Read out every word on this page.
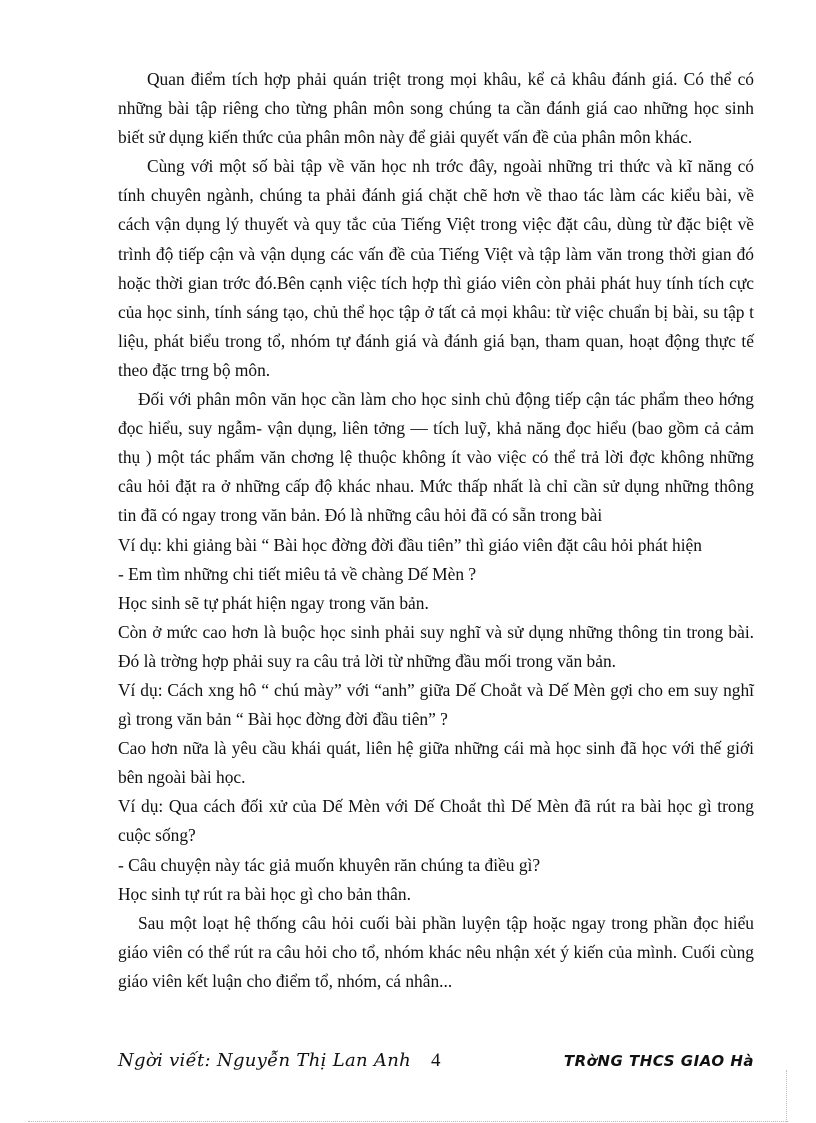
Quan điểm tích hợp phải quán triệt trong mọi khâu, kể cả khâu đánh giá. Có thể có những bài tập riêng cho từng phân môn song chúng ta cần đánh giá cao những học sinh biết sử dụng kiến thức của phân môn này để giải quyết vấn đề của phân môn khác.

Cùng với một số bài tập về văn học nh trớc đây, ngoài những tri thức và kĩ năng có tính chuyên ngành, chúng ta phải đánh giá chặt chẽ hơn về thao tác làm các kiểu bài, về cách vận dụng lý thuyết và quy tắc của Tiếng Việt trong việc đặt câu, dùng từ đặc biệt về trình độ tiếp cận và vận dụng các vấn đề của Tiếng Việt và tập làm văn trong thời gian đó hoặc thời gian trớc đó.Bên cạnh việc tích hợp thì giáo viên còn phải phát huy tính tích cực của học sinh, tính sáng tạo, chủ thể học tập ở tất cả mọi khâu: từ việc chuẩn bị bài, su tập t liệu, phát biểu trong tổ, nhóm tự đánh giá và đánh giá bạn, tham quan, hoạt động thực tế theo đặc trng bộ môn.

Đối với phân môn văn học cần làm cho học sinh chủ động tiếp cận tác phẩm theo hớng đọc hiểu, suy ngẫm- vận dụng, liên tởng — tích luỹ, khả năng đọc hiểu (bao gồm cả cảm thụ ) một tác phẩm văn chơng lệ thuộc không ít vào việc có thể trả lời đợc không những câu hỏi đặt ra ở những cấp độ khác nhau. Mức thấp nhất là chỉ cần sử dụng những thông tin đã có ngay trong văn bản. Đó là những câu hỏi đã có sẵn trong bài

Ví dụ: khi giảng bài “ Bài học đờng đời đầu tiên” thì giáo viên đặt câu hỏi phát hiện

- Em tìm những chi tiết miêu tả về chàng Dế Mèn ?

Học sinh sẽ tự phát hiện ngay trong văn bản.

Còn ở mức cao hơn là buộc học sinh phải suy nghĩ và sử dụng những thông tin trong bài. Đó là trờng hợp phải suy ra câu trả lời từ những đầu mối trong văn bản.

Ví dụ: Cách xng hô “ chú mày” với “anh” giữa Dế Choắt và Dế Mèn gợi cho em suy nghĩ gì trong văn bản “ Bài học đờng đời đầu tiên” ?

Cao hơn nữa là yêu cầu khái quát, liên hệ giữa những cái mà học sinh đã học với thế giới bên ngoài bài học.

Ví dụ: Qua cách đối xử của Dế Mèn với Dế Choắt thì Dế Mèn đã rút ra bài học gì trong cuộc sống?

- Câu chuyện này tác giả muốn khuyên răn chúng ta điều gì?

Học sinh tự rút ra bài học gì cho bản thân.

Sau một loạt hệ thống câu hỏi cuối bài phần luyện tập hoặc ngay trong phần đọc hiểu giáo viên có thể rút ra câu hỏi cho tổ, nhóm khác nêu nhận xét ý kiến của mình. Cuối cùng giáo viên kết luận cho điểm tổ, nhóm, cá nhân...

Ngời viết: Nguyễn Thị Lan Anh 4	TRờNG THCS GIAO Hà
